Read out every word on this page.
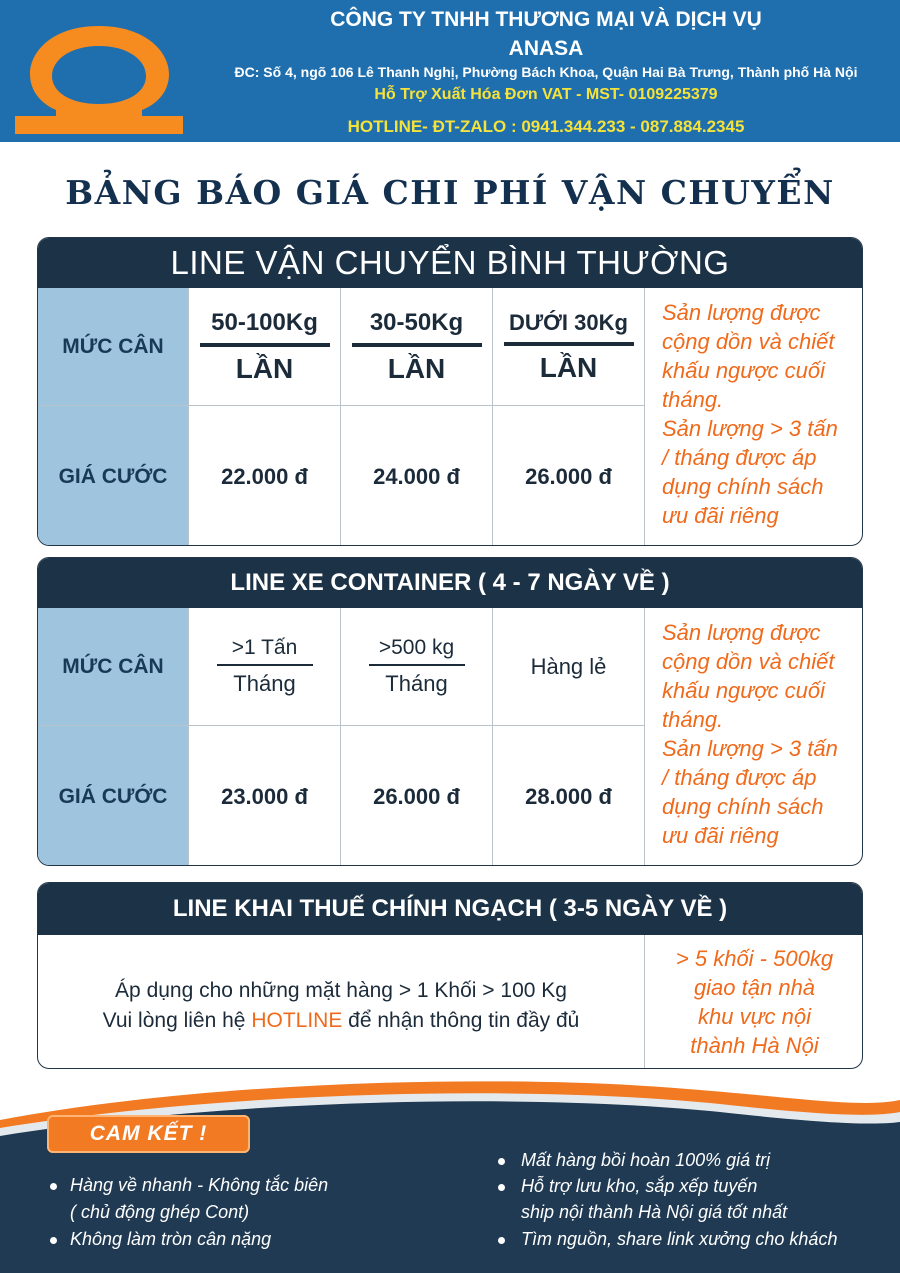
CÔNG TY TNHH THƯƠNG MẠI VÀ DỊCH VỤ
ANASA
ĐC: Số 4, ngõ 106 Lê Thanh Nghị, Phường Bách Khoa, Quận Hai Bà Trưng, Thành phố Hà Nội
Hỗ Trợ Xuất Hóa Đơn VAT - MST- 0109225379
HOTLINE- ĐT-ZALO : 0941.344.233 - 087.884.2345
BẢNG BÁO GIÁ CHI PHÍ VẬN CHUYỂN
LINE VẬN CHUYỂN BÌNH THƯỜNG
MỨC CÂN	$\frac{50-100Kg}{\text{LẦN}} \frac{30-50Kg}{\text{LẦN}} \frac{\text{DƯỚI 30Kg}}{\text{LẦN}}$
GIÁ CƯỚC	22.000 đ	24.000 đ	26.000 đ
Sản lượng được
cộng dồn và chiết
khấu ngược cuối
tháng.
Sản lượng > 3 tấn
/ tháng được áp
dụng chính sách
ưu đãi riêng
LINE XE CONTAINER ( 4 - 7 NGÀY VỀ )
MỨC CÂN	$\frac{\text{>1 Tấn}}{\text{Tháng}}$	$\frac{>500 kg}{\text{Tháng}}$	Hàng lẻ
GIÁ CƯỚC	23.000 đ	26.000 đ	28.000 đ
Sản lượng được
cộng dồn và chiết
khấu ngược cuối
tháng.
Sản lượng > 3 tấn
/ tháng được áp
dụng chính sách
ưu đãi riêng
LINE KHAI THUẾ CHÍNH NGẠCH ( 3-5 NGÀY VỀ )
Áp dụng cho những mặt hàng > 1 Khối > 100 Kg
Vui lòng liên hệ HOTLINE để nhận thông tin đầy đủ
> 5 khối - 500kg
giao tận nhà
khu vực nội
thành Hà Nội
CAM KẾT !
Hàng về nhanh - Không tắc biên
( chủ động ghép Cont)
Không làm tròn cân nặng
Mất hàng bồi hoàn 100% giá trị
Hỗ trợ lưu kho, sắp xếp tuyến
ship nội thành Hà Nội giá tốt nhất
Tìm nguồn, share link xưởng cho khách
